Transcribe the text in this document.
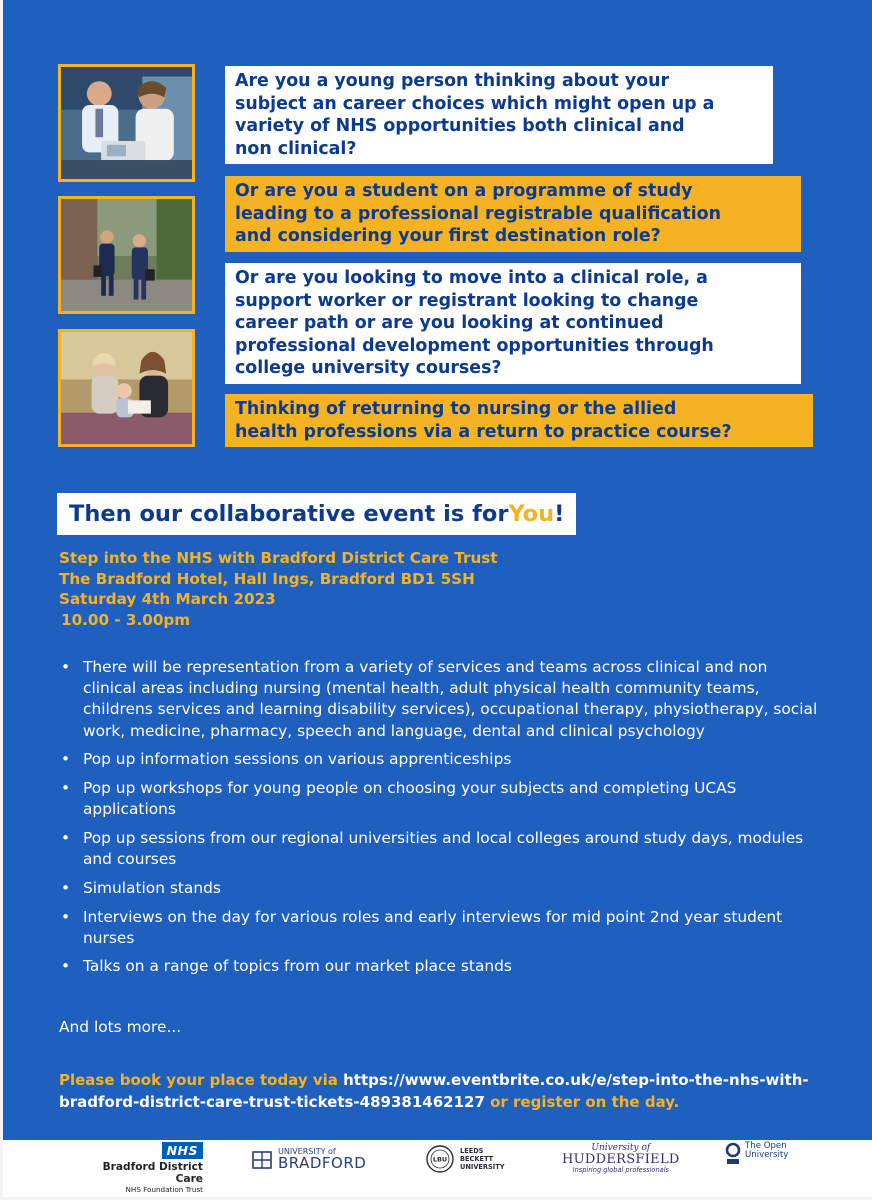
Are you a young person thinking about your
subject an career choices which might open up a
variety of NHS opportunities both clinical and
non clinical?
Or are you a student on a programme of study
leading to a professional registrable qualification
and considering your first destination role?
Or are you looking to move into a clinical role, a
support worker or registrant looking to change
career path or are you looking at continued
professional development opportunities through
college university courses?
Thinking of returning to nursing or the allied
health professions via a return to practice course?
Then our collaborative event is for You !
Step into the NHS with Bradford District Care Trust
The Bradford Hotel, Hall Ings, Bradford BD1 5SH
Saturday 4th March 2023
10.00 - 3.00pm
• There will be representation from a variety of services and teams across clinical and non clinical areas including nursing (mental health, adult physical health community teams, childrens services and learning disability services), occupational therapy, physiotherapy, social work, medicine, pharmacy, speech and language, dental and clinical psychology
• Pop up information sessions on various apprenticeships
• Pop up workshops for young people on choosing your subjects and completing UCAS applications
• Pop up sessions from our regional universities and local colleges around study days, modules and courses
• Simulation stands
• Interviews on the day for various roles and early interviews for mid point 2nd year student nurses
• Talks on a range of topics from our market place stands
And lots more...
Please book your place today via https://www.eventbrite.co.uk/e/step-into-the-nhs-with-bradford-district-care-trust-tickets-489381462127 or register on the day.
NHS
Bradford District Care
NHS Foundation Trust
UNIVERSITY of
BRADFORD	LBU
LEEDS
BECKETT
UNIVERSITY
University of
HUDDERSFIELD
Inspiring global professionals
The Open
University
